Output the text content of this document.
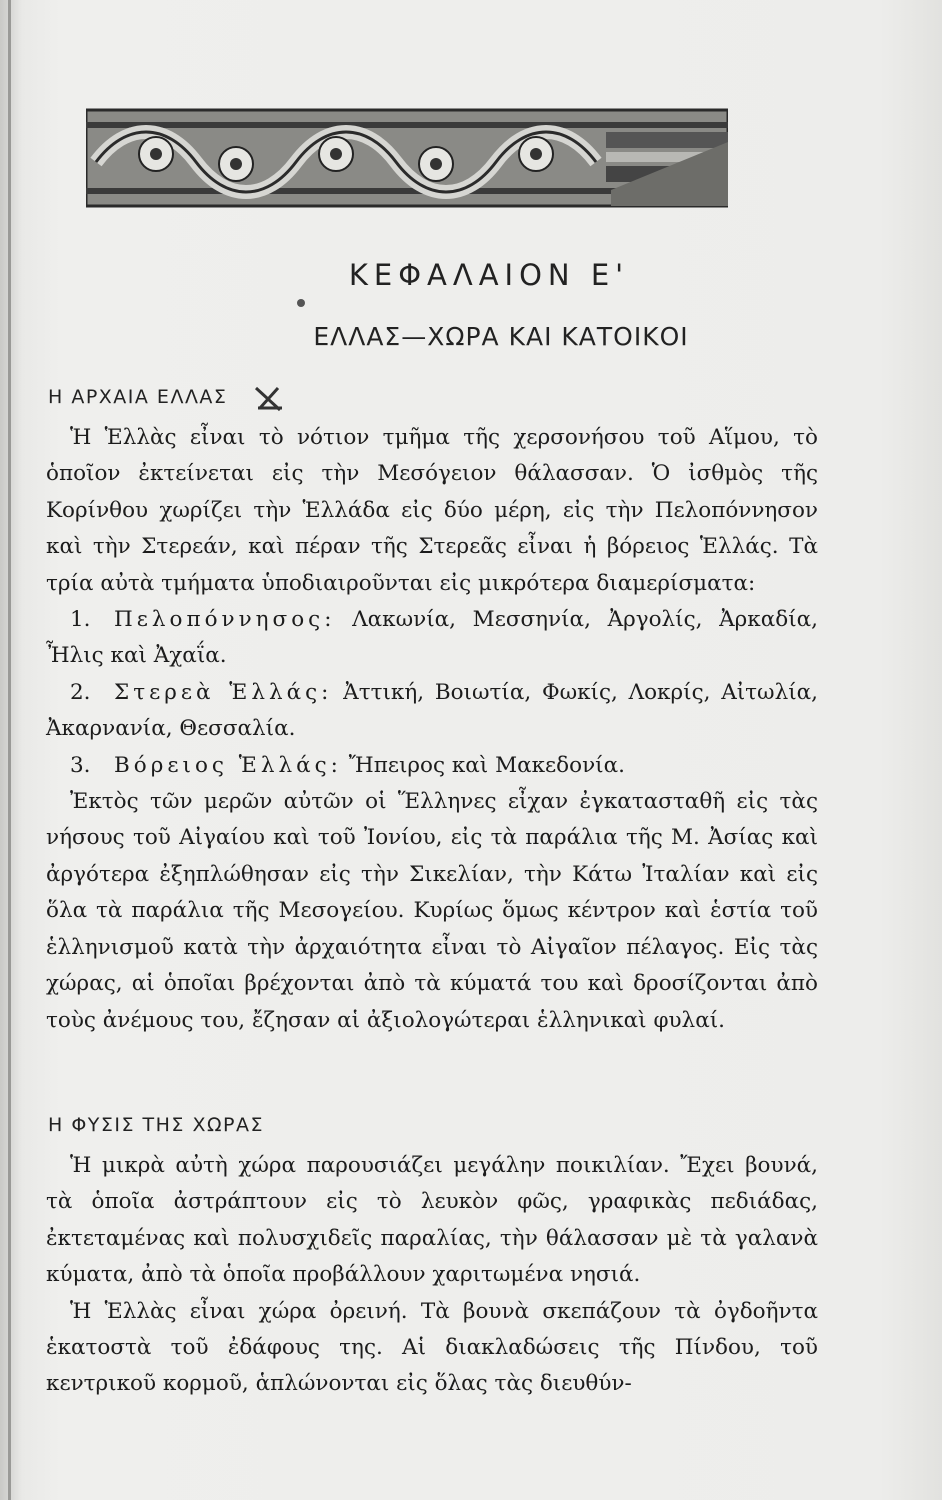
ΚΕΦΑΛΑΙΟΝ Ε'
ΕΛΛΑΣ—ΧΩΡΑ ΚΑΙ ΚΑΤΟΙΚΟΙ
Η ΑΡΧΑΙΑ ΕΛΛΑΣ

Ἡ Ἑλλὰς εἶναι τὸ νότιον τμῆμα τῆς χερσονήσου τοῦ Αἵμου, τὸ ὁποῖον ἐκτείνεται εἰς τὴν Μεσόγειον θάλασσαν. Ὁ ἰσθμὸς τῆς Κορίνθου χωρίζει τὴν Ἑλλάδα εἰς δύο μέρη, εἰς τὴν Πελοπόννησον καὶ τὴν Στερεάν, καὶ πέραν τῆς Στερεᾶς εἶναι ἡ βόρειος Ἑλλάς. Τὰ τρία αὐτὰ τμήματα ὑποδιαιροῦνται εἰς μικρότερα διαμερίσματα:

1. Πελοπόννησος: Λακωνία, Μεσσηνία, Ἀργολίς, Ἀρκαδία, Ἦλις καὶ Ἀχαΐα.

2. Στερεὰ Ἑλλάς: Ἀττική, Βοιωτία, Φωκίς, Λοκρίς, Αἰτωλία, Ἀκαρνανία, Θεσσαλία.

3. Βόρειος Ἑλλάς: Ἤπειρος καὶ Μακεδονία.

Ἐκτὸς τῶν μερῶν αὐτῶν οἱ Ἕλληνες εἶχαν ἐγκατασταθῆ εἰς τὰς νήσους τοῦ Αἰγαίου καὶ τοῦ Ἰονίου, εἰς τὰ παράλια τῆς Μ. Ἀσίας καὶ ἀργότερα ἐξηπλώθησαν εἰς τὴν Σικελίαν, τὴν Κάτω Ἰταλίαν καὶ εἰς ὅλα τὰ παράλια τῆς Μεσογείου. Κυρίως ὅμως κέντρον καὶ ἑστία τοῦ ἑλληνισμοῦ κατὰ τὴν ἀρχαιότητα εἶναι τὸ Αἰγαῖον πέλαγος. Εἰς τὰς χώρας, αἱ ὁποῖαι βρέχονται ἀπὸ τὰ κύματά του καὶ δροσίζονται ἀπὸ τοὺς ἀνέμους του, ἔζησαν αἱ ἀξιολογώτεραι ἑλληνικαὶ φυλαί.

Η ΦΥΣΙΣ ΤΗΣ ΧΩΡΑΣ

Ἡ μικρὰ αὐτὴ χώρα παρουσιάζει μεγάλην ποικιλίαν. Ἔχει βουνά, τὰ ὁποῖα ἀστράπτουν εἰς τὸ λευκὸν φῶς, γραφικὰς πεδιάδας, ἐκτεταμένας καὶ πολυσχιδεῖς παραλίας, τὴν θάλασσαν μὲ τὰ γαλανὰ κύματα, ἀπὸ τὰ ὁποῖα προβάλλουν χαριτωμένα νησιά.

Ἡ Ἑλλὰς εἶναι χώρα ὀρεινή. Τὰ βουνὰ σκεπάζουν τὰ ὀγδοῆντα ἑκατοστὰ τοῦ ἐδάφους της. Αἱ διακλαδώσεις τῆς Πίνδου, τοῦ κεντρικοῦ κορμοῦ, ἁπλώνονται εἰς ὅλας τὰς διευθύν-
